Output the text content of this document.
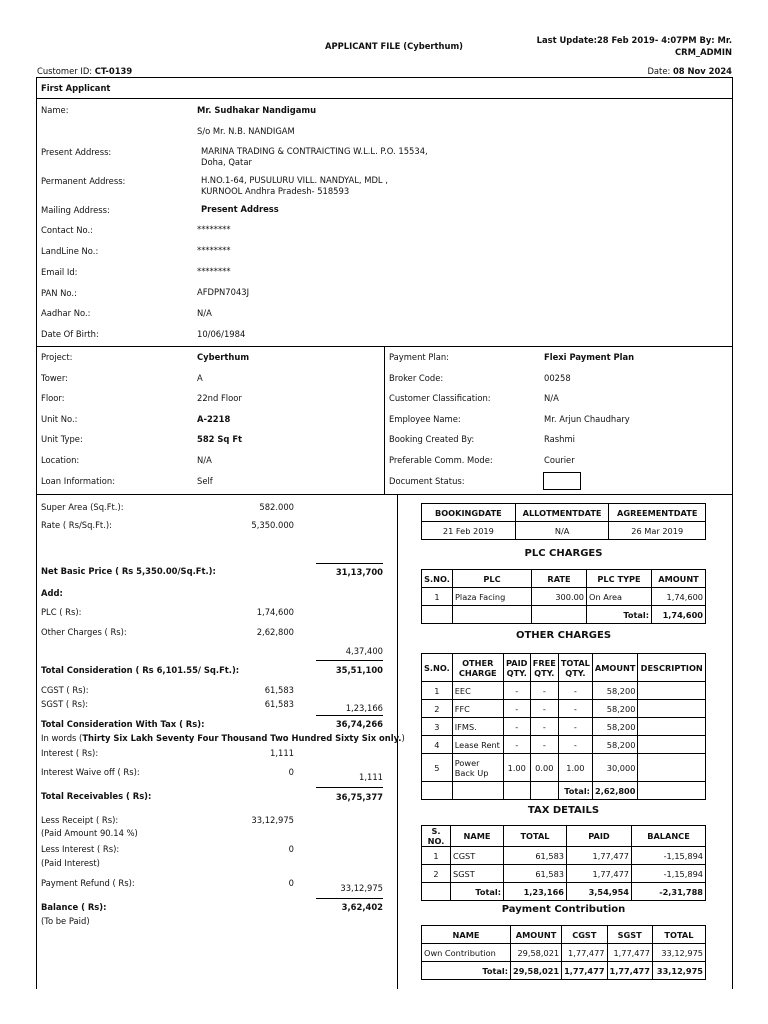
APPLICANT FILE (Cyberthum)
Last Update:28 Feb 2019- 4:07PM By: Mr.
CRM_ADMIN
Customer ID: CT-0139	Date: 08 Nov 2024
First Applicant
Name:	Mr. Sudhakar Nandigamu
S/o Mr. N.B. NANDIGAM
Present Address:	MARINA TRADING & CONTRAICTING W.L.L. P.O. 15534,
Doha, Qatar
Permanent Address:	H.NO.1-64, PUSULURU VILL. NANDYAL, MDL ,
KURNOOL Andhra Pradesh- 518593
Mailing Address:	Present Address
Contact No.:	********
LandLine No.:	********
Email Id:	********
PAN No.:	AFDPN7043J
Aadhar No.:	N/A
Date Of Birth:	10/06/1984
Project:	Cyberthum
Tower:	A
Floor:	22nd Floor
Unit No.:	A-2218
Unit Type:	582 Sq Ft
Location:	N/A
Loan Information:	Self
Payment Plan:	Flexi Payment Plan
Broker Code:	00258
Customer Classification:	N/A
Employee Name:	Mr. Arjun Chaudhary
Booking Created By:	Rashmi
Preferable Comm. Mode:	Courier
Document Status:
Super Area (Sq.Ft.):	582.000
Rate ( Rs/Sq.Ft.):	5,350.000
Net Basic Price ( Rs 5,350.00/Sq.Ft.):	31,13,700
Add:
PLC ( Rs):	1,74,600
Other Charges ( Rs):	2,62,800
4,37,400
Total Consideration ( Rs 6,101.55/ Sq.Ft.):	35,51,100
CGST ( Rs):	61,583
SGST ( Rs):	61,583	1,23,166
Total Consideration With Tax ( Rs):	36,74,266
In words (Thirty Six Lakh Seventy Four Thousand Two Hundred Sixty Six only.)
Interest ( Rs):	1,111
Interest Waive off ( Rs):	0	1,111
Total Receivables ( Rs):	36,75,377
Less Receipt ( Rs):	33,12,975
(Paid Amount 90.14 %)
Less Interest ( Rs):	0
(Paid Interest)
Payment Refund ( Rs):	0	33,12,975
Balance ( Rs):	3,62,402
(To be Paid)
BOOKINGDATE	ALLOTMENTDATE	AGREEMENTDATE
21 Feb 2019	N/A	26 Mar 2019
PLC CHARGES
S.NO.	PLC	RATE	PLC TYPE	AMOUNT
1	Plaza Facing	300.00	On Area	1,74,600
			Total:	1,74,600
OTHER CHARGES
S.NO.	OTHER CHARGE	PAID QTY.	FREE QTY.	TOTAL QTY.	AMOUNT	DESCRIPTION
1	EEC	-	-	-	58,200	
2	FFC	-	-	-	58,200	
3	IFMS.	-	-	-	58,200	
4	Lease Rent	-	-	-	58,200	
5	Power Back Up	1.00	0.00	1.00	30,000	
				Total:	2,62,800	
TAX DETAILS
S. NO.	NAME	TOTAL	PAID	BALANCE
1	CGST	61,583	1,77,477	-1,15,894
2	SGST	61,583	1,77,477	-1,15,894
	Total:	1,23,166	3,54,954	-2,31,788
Payment Contribution
NAME	AMOUNT	CGST	SGST	TOTAL
Own Contribution	29,58,021	1,77,477	1,77,477	33,12,975
Total:	29,58,021	1,77,477	1,77,477	33,12,975
